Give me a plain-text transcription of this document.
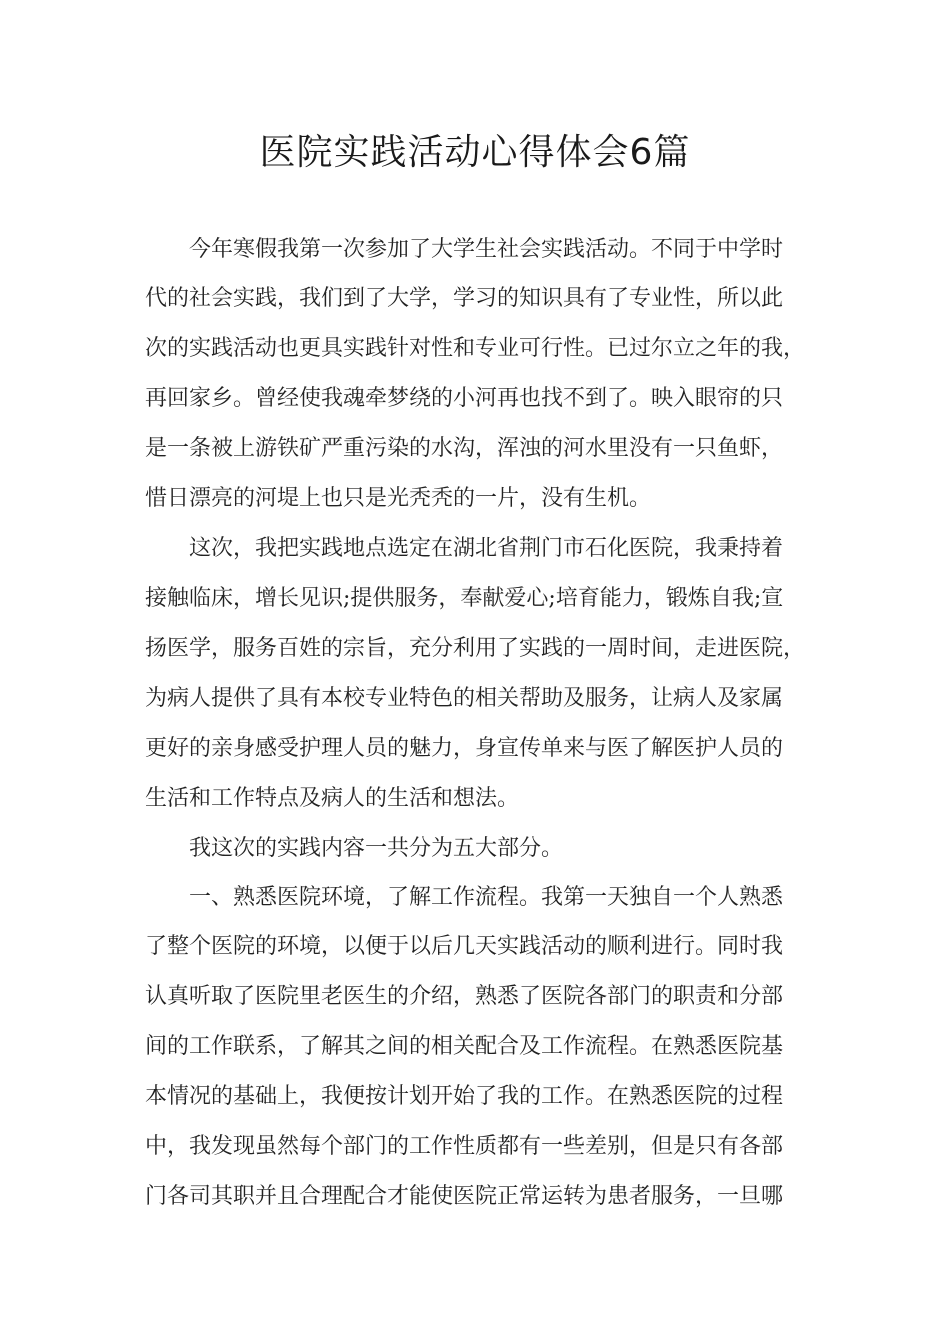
医院实践活动心得体会6篇

　　今年寒假我第一次参加了大学生社会实践活动。不同于中学时

代的社会实践，我们到了大学，学习的知识具有了专业性，所以此

次的实践活动也更具实践针对性和专业可行性。已过尔立之年的我，

再回家乡。曾经使我魂牵梦绕的小河再也找不到了。映入眼帘的只

是一条被上游铁矿严重污染的水沟，浑浊的河水里没有一只鱼虾，

惜日漂亮的河堤上也只是光秃秃的一片，没有生机。

　　这次，我把实践地点选定在湖北省荆门市石化医院，我秉持着

接触临床，增长见识;提供服务，奉献爱心;培育能力，锻炼自我;宣

扬医学，服务百姓的宗旨，充分利用了实践的一周时间，走进医院，

为病人提供了具有本校专业特色的相关帮助及服务，让病人及家属

更好的亲身感受护理人员的魅力，身宣传单来与医了解医护人员的

生活和工作特点及病人的生活和想法。

　　我这次的实践内容一共分为五大部分。

　　一、熟悉医院环境，了解工作流程。我第一天独自一个人熟悉

了整个医院的环境，以便于以后几天实践活动的顺利进行。同时我

认真听取了医院里老医生的介绍，熟悉了医院各部门的职责和分部

间的工作联系，了解其之间的相关配合及工作流程。在熟悉医院基

本情况的基础上，我便按计划开始了我的工作。在熟悉医院的过程

中，我发现虽然每个部门的工作性质都有一些差别，但是只有各部

门各司其职并且合理配合才能使医院正常运转为患者服务，一旦哪
